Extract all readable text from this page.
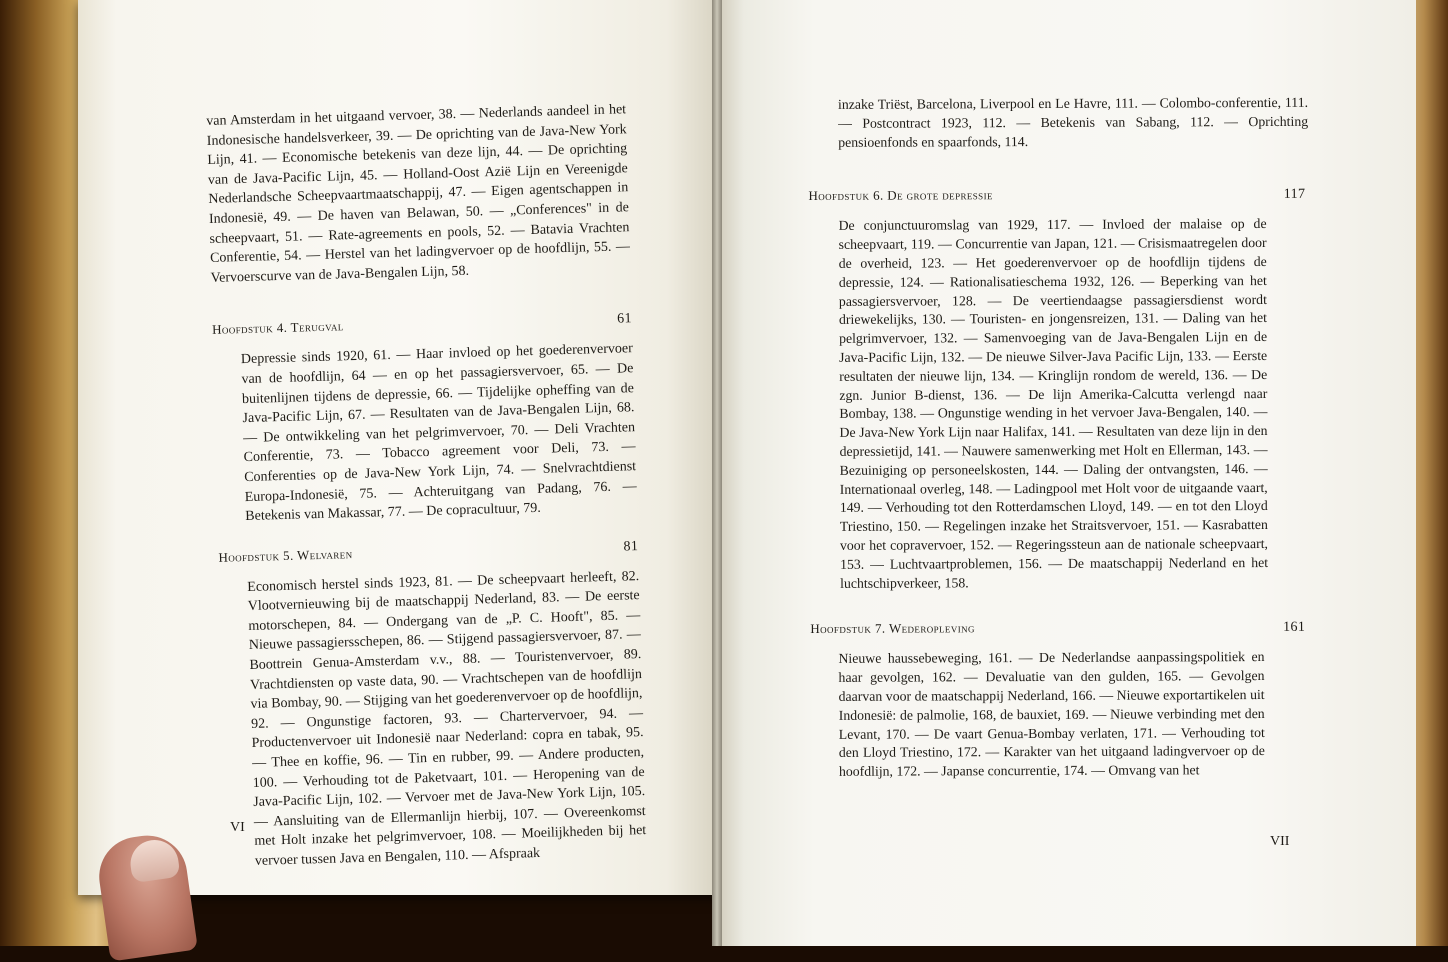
van Amsterdam in het uitgaand vervoer, 38. — Nederlands aandeel in het Indonesische handelsverkeer, 39. — De oprichting van de Java-New York Lijn, 41. — Economische betekenis van deze lijn, 44. — De oprichting van de Java-Pacific Lijn, 45. — Holland-Oost Azië Lijn en Vereenigde Nederlandsche Scheepvaartmaatschappij, 47. — Eigen agentschappen in Indonesië, 49. — De haven van Belawan, 50. — „Conferences" in de scheepvaart, 51. — Rate-agreements en pools, 52. — Batavia Vrachten Conferentie, 54. — Herstel van het ladingvervoer op de hoofdlijn, 55. — Vervoerscurve van de Java-Bengalen Lijn, 58.

Hoofdstuk 4. Terugval	61

Depressie sinds 1920, 61. — Haar invloed op het goederenvervoer van de hoofdlijn, 64 — en op het passagiersvervoer, 65. — De buitenlijnen tijdens de depressie, 66. — Tijdelijke opheffing van de Java-Pacific Lijn, 67. — Resultaten van de Java-Bengalen Lijn, 68. — De ontwikkeling van het pelgrimvervoer, 70. — Deli Vrachten Conferentie, 73. — Tobacco agreement voor Deli, 73. — Conferenties op de Java-New York Lijn, 74. — Snelvrachtdienst Europa-Indonesië, 75. — Achteruitgang van Padang, 76. — Betekenis van Makassar, 77. — De copracultuur, 79.

Hoofdstuk 5. Welvaren	81

Economisch herstel sinds 1923, 81. — De scheepvaart herleeft, 82. Vlootvernieuwing bij de maatschappij Nederland, 83. — De eerste motorschepen, 84. — Ondergang van de „P. C. Hooft", 85. — Nieuwe passagiersschepen, 86. — Stijgend passagiersvervoer, 87. — Boottrein Genua-Amsterdam v.v., 88. — Touristenvervoer, 89. Vrachtdiensten op vaste data, 90. — Vrachtschepen van de hoofdlijn via Bombay, 90. — Stijging van het goederenvervoer op de hoofdlijn, 92. — Ongunstige factoren, 93. — Chartervervoer, 94. — Productenvervoer uit Indonesië naar Nederland: copra en tabak, 95. — Thee en koffie, 96. — Tin en rubber, 99. — Andere producten, 100. — Verhouding tot de Paketvaart, 101. — Heropening van de Java-Pacific Lijn, 102. — Vervoer met de Java-New York Lijn, 105. — Aansluiting van de Ellermanlijn hierbij, 107. — Overeenkomst met Holt inzake het pelgrimvervoer, 108. — Moeilijkheden bij het vervoer tussen Java en Bengalen, 110. — Afspraak

VI

inzake Triëst, Barcelona, Liverpool en Le Havre, 111. — Colombo-conferentie, 111. — Postcontract 1923, 112. — Betekenis van Sabang, 112. — Oprichting pensioenfonds en spaarfonds, 114.

Hoofdstuk 6. De grote depressie	117

De conjunctuuromslag van 1929, 117. — Invloed der malaise op de scheepvaart, 119. — Concurrentie van Japan, 121. — Crisismaatregelen door de overheid, 123. — Het goederenvervoer op de hoofdlijn tijdens de depressie, 124. — Rationalisatieschema 1932, 126. — Beperking van het passagiersvervoer, 128. — De veertiendaagse passagiersdienst wordt driewekelijks, 130. — Touristen- en jongensreizen, 131. — Daling van het pelgrimvervoer, 132. — Samenvoeging van de Java-Bengalen Lijn en de Java-Pacific Lijn, 132. — De nieuwe Silver-Java Pacific Lijn, 133. — Eerste resultaten der nieuwe lijn, 134. — Kringlijn rondom de wereld, 136. — De zgn. Junior B-dienst, 136. — De lijn Amerika-Calcutta verlengd naar Bombay, 138. — Ongunstige wending in het vervoer Java-Bengalen, 140. — De Java-New York Lijn naar Halifax, 141. — Resultaten van deze lijn in den depressietijd, 141. — Nauwere samenwerking met Holt en Ellerman, 143. — Bezuiniging op personeelskosten, 144. — Daling der ontvangsten, 146. — Internationaal overleg, 148. — Ladingpool met Holt voor de uitgaande vaart, 149. — Verhouding tot den Rotterdamschen Lloyd, 149. — en tot den Lloyd Triestino, 150. — Regelingen inzake het Straitsvervoer, 151. — Kasrabatten voor het copravervoer, 152. — Regeringssteun aan de nationale scheepvaart, 153. — Luchtvaartproblemen, 156. — De maatschappij Nederland en het luchtschipverkeer, 158.

Hoofdstuk 7. Wederopleving	161

Nieuwe haussebeweging, 161. — De Nederlandse aanpassingspolitiek en haar gevolgen, 162. — Devaluatie van den gulden, 165. — Gevolgen daarvan voor de maatschappij Nederland, 166. — Nieuwe exportartikelen uit Indonesië: de palmolie, 168, de bauxiet, 169. — Nieuwe verbinding met den Levant, 170. — De vaart Genua-Bombay verlaten, 171. — Verhouding tot den Lloyd Triestino, 172. — Karakter van het uitgaand ladingvervoer op de hoofdlijn, 172. — Japanse concurrentie, 174. — Omvang van het

VII
